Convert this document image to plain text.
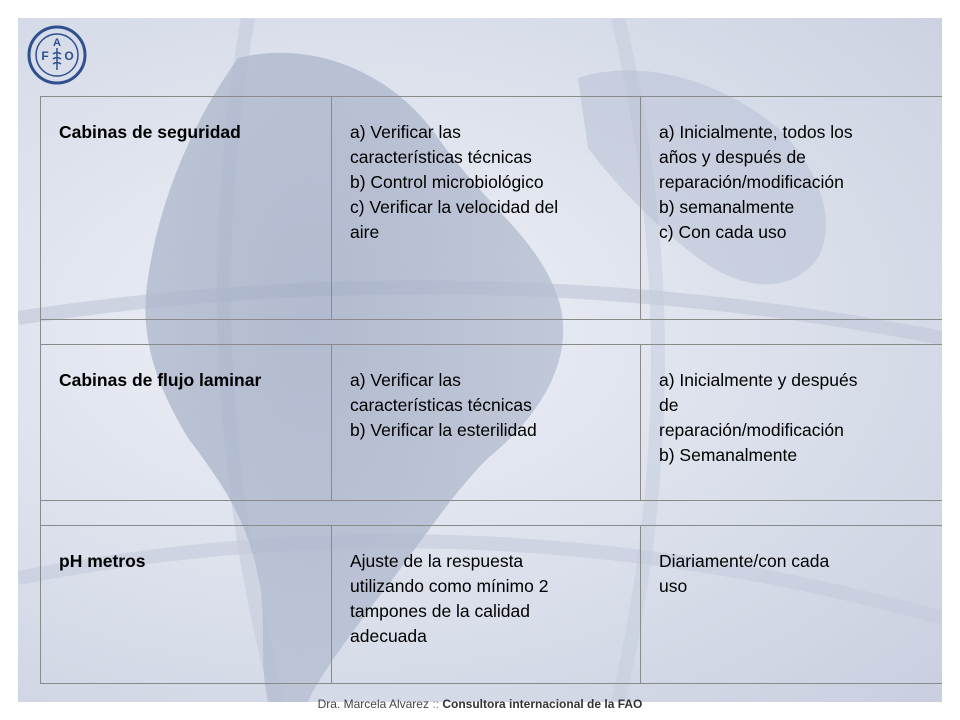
A
F O
Cabinas de seguridad	a) Verificar las
características técnicas
b) Control microbiológico
c) Verificar la velocidad del
aire	a) Inicialmente, todos los
años y después de
reparación/modificación
b) semanalmente
c) Con cada uso

Cabinas de flujo laminar	a) Verificar las
características técnicas
b) Verificar la esterilidad	a) Inicialmente y después
de
reparación/modificación
b) Semanalmente

pH metros	Ajuste de la respuesta
utilizando como mínimo 2
tampones de la calidad
adecuada	Diariamente/con cada
uso
Dra. Marcela Alvarez :: Consultora internacional de la FAO
